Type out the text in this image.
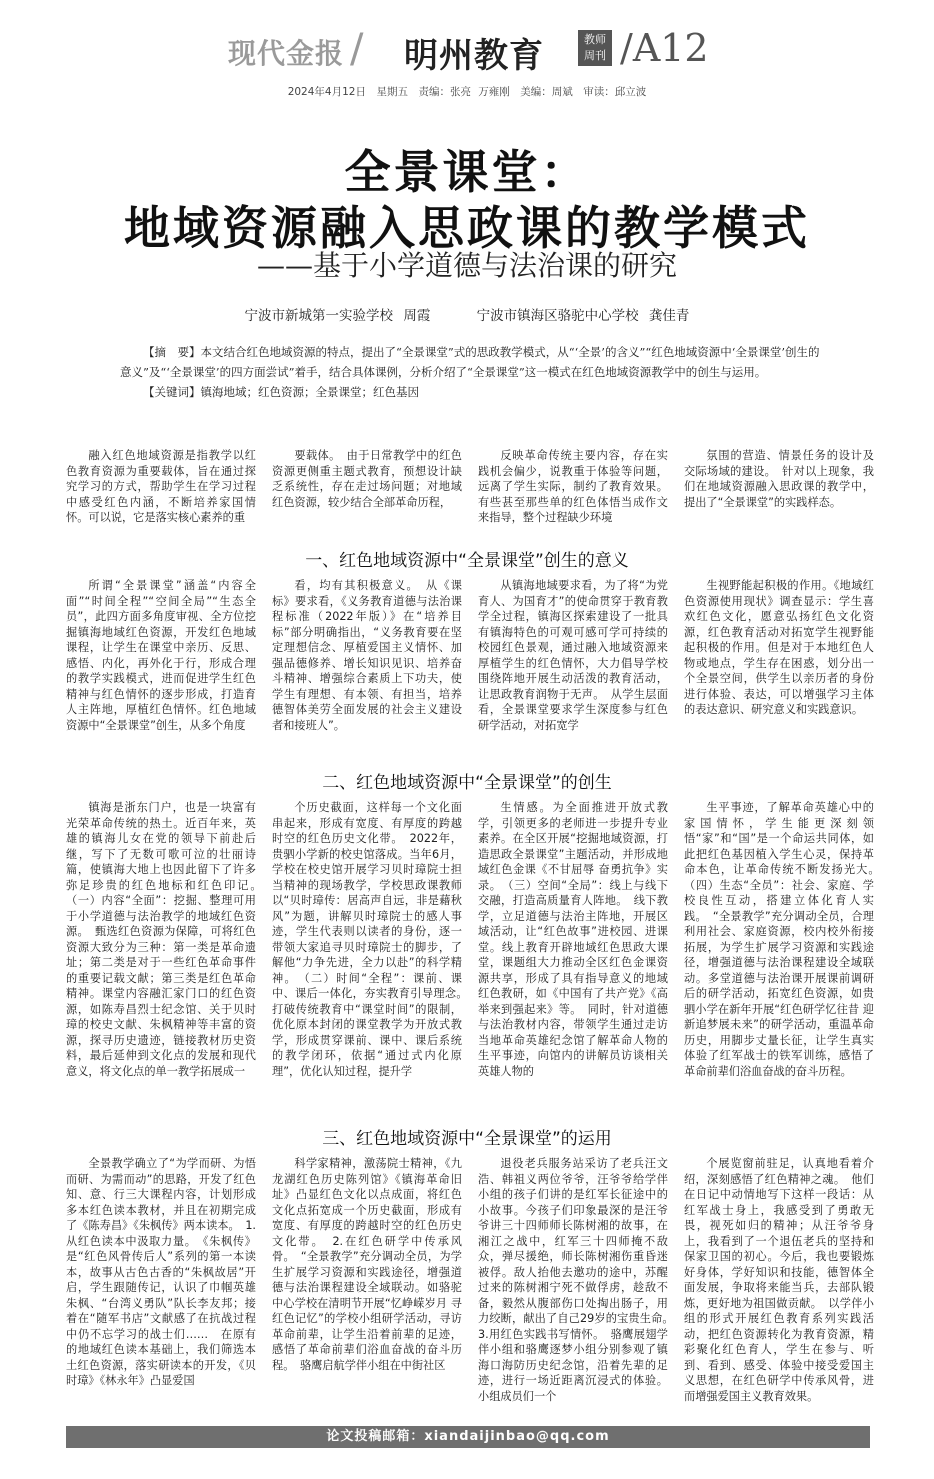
现代金报 / 明州教育	教师
周刊 /A12
2024年4月12日　星期五　责编：张亮 万雍刚　美编：周斌　审读：邱立波
全景课堂：
地域资源融入思政课的教学模式
——基于小学道德与法治课的研究
宁波市新城第一实验学校 周霞	宁波市镇海区骆驼中心学校 龚佳青

【摘　要】本文结合红色地域资源的特点，提出了“全景课堂”式的思政教学模式，从“‘全景’的含义”“红色地域资源中‘全景课堂’创生的意义”及“‘全景课堂’的四方面尝试”着手，结合具体课例，分析介绍了“全景课堂”这一模式在红色地域资源教学中的创生与运用。

【关键词】镇海地域；红色资源；全景课堂；红色基因

融入红色地域资源是指教学以红色教育资源为重要载体，旨在通过探究学习的方式，帮助学生在学习过程中感受红色内涵，不断培养家国情怀。可以说，它是落实核心素养的重

要载体。　由于日常教学中的红色资源更侧重主题式教育，预想设计缺乏系统性，存在走过场问题；对地域红色资源，较少结合全部革命历程，

反映革命传统主要内容，存在实践机会偏少，说教重于体验等问题，远离了学生实际，制约了教育效果。有些甚至那些单的红色体悟当成作文来指导，整个过程缺少环境

氛围的营造、情景任务的设计及交际场域的建设。　针对以上现象，我们在地域资源融入思政课的教学中，提出了“全景课堂”的实践样态。

一、红色地域资源中“全景课堂”创生的意义

所谓“全景课堂”涵盖“内容全面”“时间全程”“空间全局”“生态全员”，此四方面多角度审视、全方位挖掘镇海地域红色资源，开发红色地域课程，让学生在课堂中亲历、反思、感悟、内化，再外化于行，形成合理的教学实践模式，进而促进学生红色精神与红色情怀的逐步形成，打造育人主阵地，厚植红色情怀。红色地域资源中“全景课堂”创生，从多个角度

看，均有其积极意义。　从《课标》要求看，《义务教育道德与法治课程标准（2022年版）》在“培养目标”部分明确指出，“义务教育要在坚定理想信念、厚植爱国主义情怀、加强品德修养、增长知识见识、培养奋斗精神、增强综合素质上下功夫，使学生有理想、有本领、有担当，培养德智体美劳全面发展的社会主义建设者和接班人”。

从镇海地域要求看，为了将“为党育人、为国育才”的使命贯穿于教育教学全过程，镇海区探索建设了一批具有镇海特色的可观可感可学可持续的校园红色景观，通过融入地域资源来厚植学生的红色情怀，大力倡导学校围绕阵地开展生动活泼的教育活动，让思政教育润物于无声。　从学生层面看，全景课堂要求学生深度参与红色研学活动，对拓宽学

生视野能起积极的作用。《地域红色资源使用现状》调查显示：学生喜欢红色文化，愿意弘扬红色文化资源，红色教育活动对拓宽学生视野能起积极的作用。但是对于本地红色人物或地点，学生存在困惑，划分出一个全景空间，供学生以亲历者的身份进行体验、表达，可以增强学习主体的表达意识、研究意义和实践意识。

二、红色地域资源中“全景课堂”的创生

镇海是浙东门户，也是一块富有光荣革命传统的热土。近百年来，英雄的镇海儿女在党的领导下前赴后继，写下了无数可歌可泣的壮丽诗篇，使镇海大地上也因此留下了许多弥足珍贵的红色地标和红色印记。　（一）内容“全面”：挖掘、整理可用于小学道德与法治教学的地域红色资源。　甄选红色资源为保障，可将红色资源大致分为三种：第一类是革命遗址；第二类是对于一些红色革命事件的重要记载文献；第三类是红色革命精神。课堂内容融汇家门口的红色资源，如陈寿昌烈士纪念馆、关于贝时璋的校史文献、朱枫精神等丰富的资源，探寻历史遗迹，链接教材历史资料，最后延伸到文化点的发展和现代意义，将文化点的单一教学拓展成一

个历史截面，这样每一个文化面串起来，形成有宽度、有厚度的跨越时空的红色历史文化带。　2022年，贵驷小学新的校史馆落成。当年6月，学校在校史馆开展学习贝时璋院士担当精神的现场教学，学校思政课教师以“贝时璋传：居高声自远，非是藉秋风”为题，讲解贝时璋院士的感人事迹，学生代表则以读者的身份，逐一带领大家追寻贝时璋院士的脚步，了解他“力争先进，全力以赴”的科学精神。　（二）时间“全程”：课前、课中、课后一体化，夯实教育引导理念。　打破传统教育中“课堂时间”的限制，优化原本封闭的课堂教学为开放式教学，形成贯穿课前、课中、课后系统的教学闭环，依据“通过式内化原理”，优化认知过程，提升学

生情感。为全面推进开放式教学，引领更多的老师进一步提升专业素养。在全区开展“挖掘地域资源，打造思政全景课堂”主题活动，并形成地域红色金课《不甘屈辱 奋勇抗争》实录。　（三）空间“全局”：线上与线下交融，打造高质量育人阵地。　线下教学，立足道德与法治主阵地，开展区域活动，让“红色故事”进校园、进课堂。线上教育开辟地域红色思政大课堂，课题组大力推动全区红色金课资源共享，形成了具有指导意义的地域红色教研，如《中国有了共产党》《高举来到强起来》等。　同时，针对道德与法治教材内容，带领学生通过走访当地革命英雄纪念馆了解革命人物的生平事迹，向馆内的讲解员访谈相关英雄人物的

生平事迹，了解革命英雄心中的家国情怀，学生能更深刻领悟“家”和“国”是一个命运共同体，如此把红色基因植入学生心灵，保持革命本色，让革命传统不断发扬光大。　（四）生态“全员”：社会、家庭、学校良性互动，搭建立体化育人实践。　“全景教学”充分调动全员，合理利用社会、家庭资源，校内校外衔接拓展，为学生扩展学习资源和实践途径，增强道德与法治课程建设全域联动。多堂道德与法治课开展课前调研后的研学活动，拓宽红色资源，如贵驷小学在新年开展“红色研学忆往昔 迎新追梦展未来”的研学活动，重温革命历史，用脚步丈量长征，让学生真实体验了红军战士的铁军训练，感悟了革命前辈们浴血奋战的奋斗历程。

三、红色地域资源中“全景课堂”的运用

全景教学确立了“为学而研、为悟而研、为需而动”的思路，开发了红色知、意、行三大课程内容，计划形成多本红色读本教材，并且在初期完成了《陈寿昌》《朱枫传》两本读本。　1.从红色读本中汲取力量。　《朱枫传》是“红色风骨传后人”系列的第一本读本，故事从古色古香的“朱枫故居”开启，学生跟随传记，认识了巾帼英雄朱枫、“台湾义勇队”队长李友邦；接着在“随军书店”文献感了在抗战过程中仍不忘学习的战士们……　在原有的地域红色读本基础上，我们筛选本土红色资源，落实研读本的开发，《贝时璋》《林永年》凸显爱国

科学家精神，激荡院士精神，《九龙湖红色历史陈列馆》《镇海革命旧址》凸显红色文化以点成面，将红色文化点拓宽成一个历史截面，形成有宽度、有厚度的跨越时空的红色历史文化带。　2.在红色研学中传承风骨。　“全景教学”充分调动全员，为学生扩展学习资源和实践途径，增强道德与法治课程建设全域联动。如骆驼中心学校在清明节开展“忆峥嵘岁月 寻红色记忆”的学校小组研学活动，寻访革命前辈，让学生沿着前辈的足迹，感悟了革命前辈们浴血奋战的奋斗历程。　骆鹰启航学伴小组在中街社区

退役老兵服务站采访了老兵汪文浩、韩祖义两位爷爷，汪爷爷给学伴小组的孩子们讲的是红军长征途中的小故事。今孩子们印象最深的是汪爷爷讲三十四师师长陈树湘的故事，在湘江之战中，红军三十四师掩不敌众，弹尽援绝，师长陈树湘伤重昏迷被俘。敌人抬他去邀功的途中，苏醒过来的陈树湘宁死不做俘虏，趁敌不备，毅然从腹部伤口处掏出肠子，用力绞断，献出了自己29岁的宝贵生命。　3.用红色实践书写情怀。　骆鹰展翅学伴小组和骆鹰逐梦小组分别参观了镇海口海防历史纪念馆，沿着先辈的足迹，进行一场近距离沉浸式的体验。小组成员们一个

个展览窗前驻足，认真地看着介绍，深刻感悟了红色精神之魂。　他们在日记中动情地写下这样一段话：从红军战士身上，我感受到了勇敢无畏，视死如归的精神；从汪爷爷身上，我看到了一个退伍老兵的坚持和保家卫国的初心。今后，我也要锻炼好身体，学好知识和技能，德智体全面发展，争取将来能当兵，去部队锻炼，更好地为祖国做贡献。　以学伴小组的形式开展红色教育系列实践活动，把红色资源转化为教育资源，精彩聚化红色育人，学生在参与、听到、看到、感受、体验中接受爱国主义思想，在红色研学中传承风骨，进而增强爱国主义教育效果。

论文投稿邮箱：xiandaijinbao@qq.com
